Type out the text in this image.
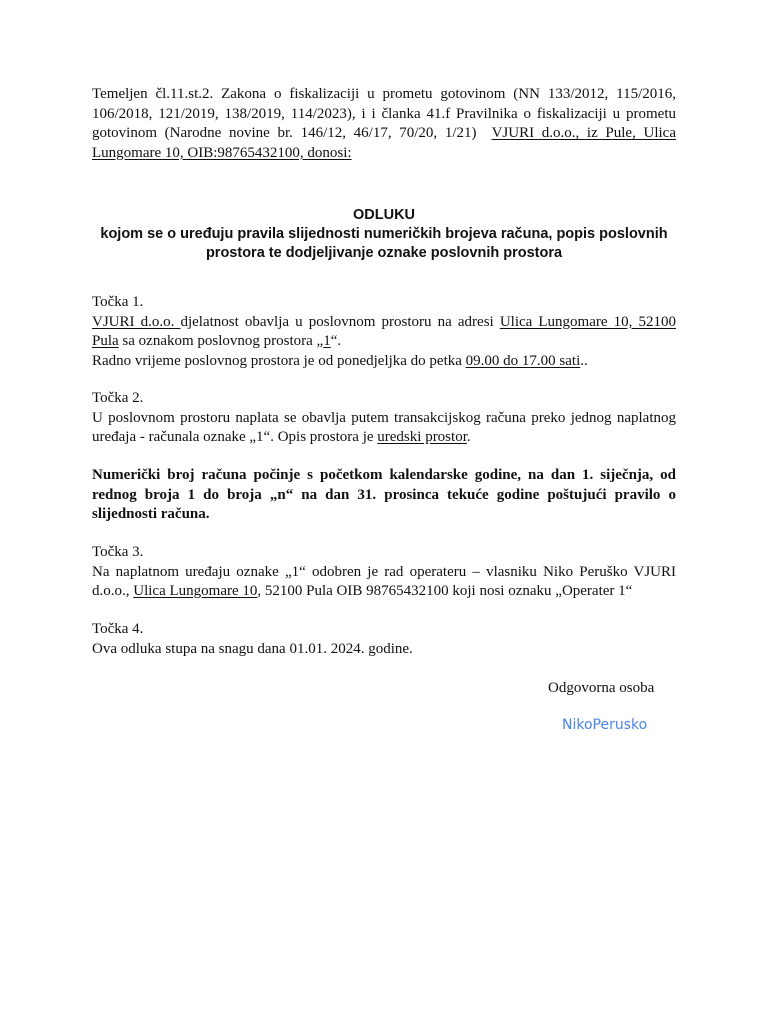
Temeljen čl.11.st.2. Zakona o fiskalizaciji u prometu gotovinom (NN 133/2012, 115/2016, 106/2018, 121/2019, 138/2019, 114/2023), i i članka 41.f Pravilnika o fiskalizaciji u prometu gotovinom (Narodne novine br. 146/12, 46/17, 70/20, 1/21) VJURI d.o.o., iz Pule, Ulica Lungomare 10, OIB:98765432100, donosi:

ODLUKU
kojom se o uređuju pravila slijednosti numeričkih brojeva računa, popis poslovnih prostora te dodjeljivanje oznake poslovnih prostora

Točka 1.

VJURI d.o.o. djelatnost obavlja u poslovnom prostoru na adresi Ulica Lungomare 10, 52100 Pula sa oznakom poslovnog prostora „1“.

Radno vrijeme poslovnog prostora je od ponedjeljka do petka 09.00 do 17.00 sati..

Točka 2.

U poslovnom prostoru naplata se obavlja putem transakcijskog računa preko jednog naplatnog uređaja - računala oznake „1“. Opis prostora je uredski prostor.

Numerički broj računa počinje s početkom kalendarske godine, na dan 1. siječnja, od rednog broja 1 do broja „n“ na dan 31. prosinca tekuće godine poštujući pravilo o slijednosti računa.

Točka 3.

Na naplatnom uređaju oznake „1“ odobren je rad operateru – vlasniku Niko Peruško VJURI d.o.o., Ulica Lungomare 10, 52100 Pula OIB 98765432100 koji nosi oznaku „Operater 1“

Točka 4.

Ova odluka stupa na snagu dana 01.01. 2024. godine.

Odgovorna osoba
NikoPerusko
